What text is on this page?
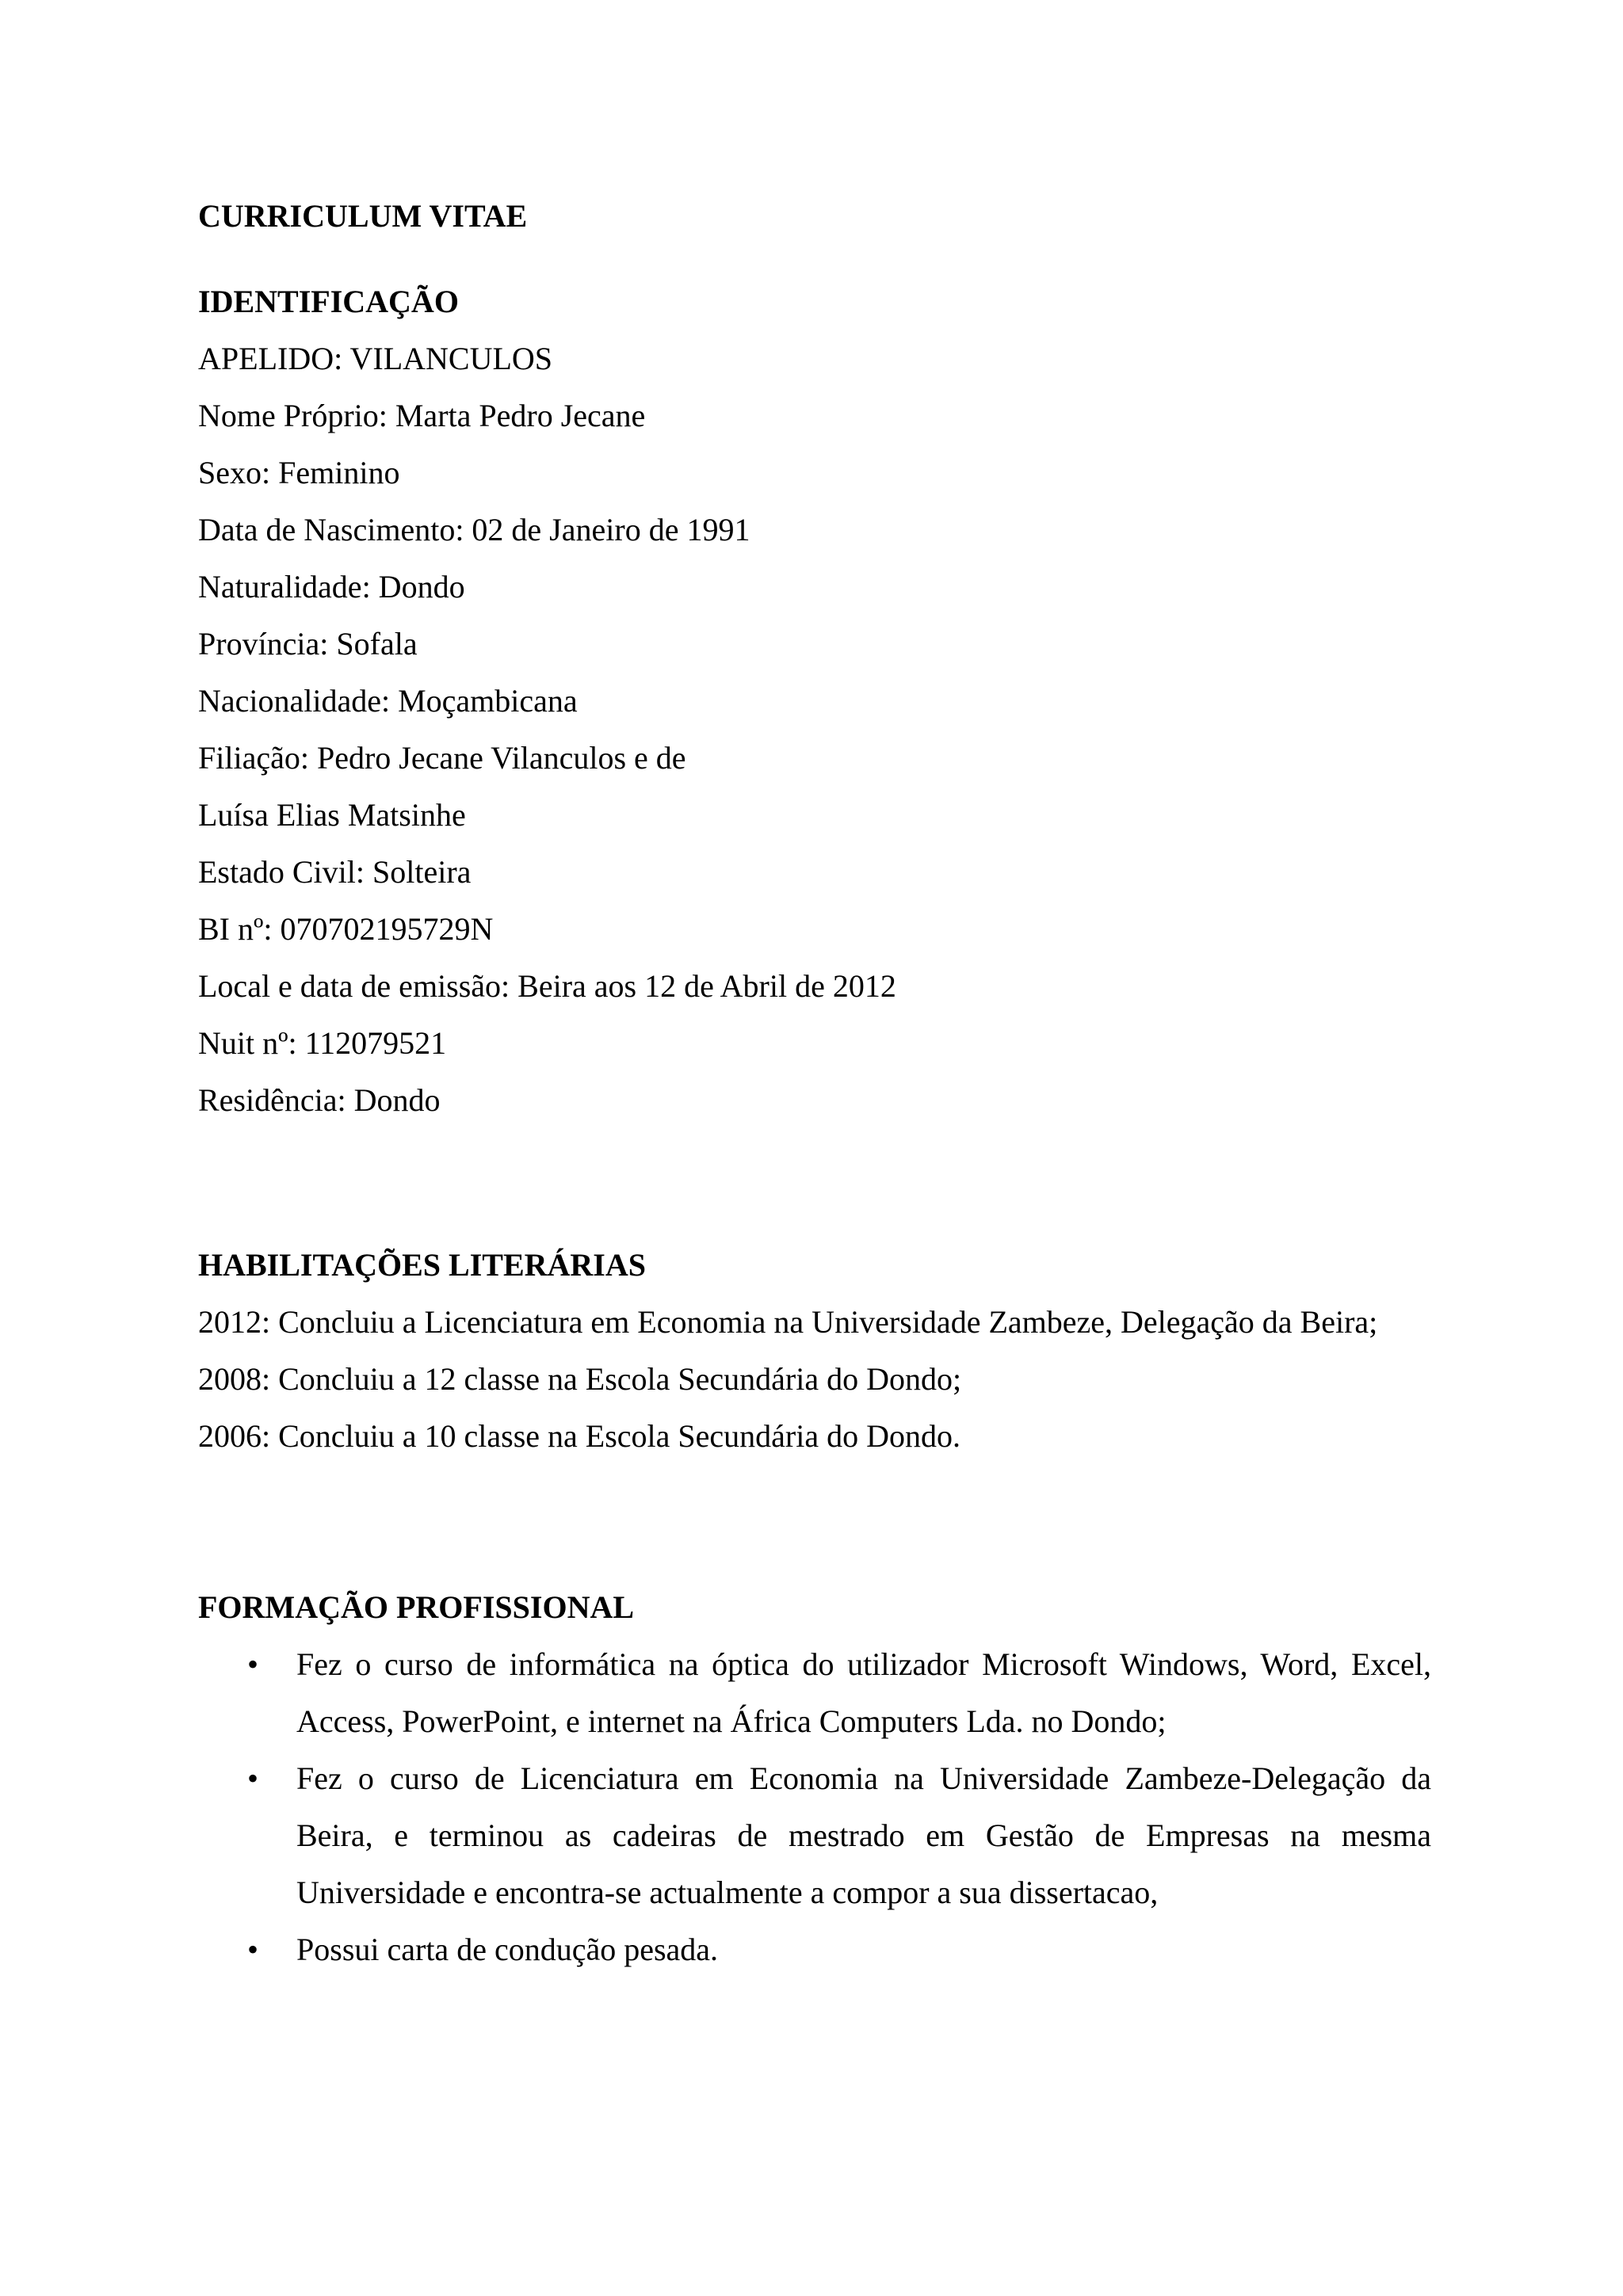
CURRICULUM VITAE
IDENTIFICAÇÃO
APELIDO: VILANCULOS
Nome Próprio: Marta Pedro Jecane
Sexo: Feminino
Data de Nascimento: 02 de Janeiro de 1991
Naturalidade: Dondo
Província: Sofala
Nacionalidade: Moçambicana
Filiação: Pedro Jecane Vilanculos e de
Luísa Elias Matsinhe
Estado Civil: Solteira
BI nº: 070702195729N
Local e data de emissão: Beira aos 12 de Abril de 2012
Nuit nº: 112079521
Residência: Dondo
HABILITAÇÕES LITERÁRIAS
2012: Concluiu a Licenciatura em Economia na Universidade Zambeze, Delegação da Beira;
2008: Concluiu a 12 classe na Escola Secundária do Dondo;
2006: Concluiu a 10 classe na Escola Secundária do Dondo.
FORMAÇÃO PROFISSIONAL
• Fez o curso de informática na óptica do utilizador Microsoft Windows, Word, Excel,
Access, PowerPoint, e internet na África Computers Lda. no Dondo;
• Fez o curso de Licenciatura em Economia na Universidade Zambeze-Delegação da
Beira, e terminou as cadeiras de mestrado em Gestão de Empresas na mesma
Universidade e encontra-se actualmente a compor a sua dissertacao,
• Possui carta de condução pesada.
